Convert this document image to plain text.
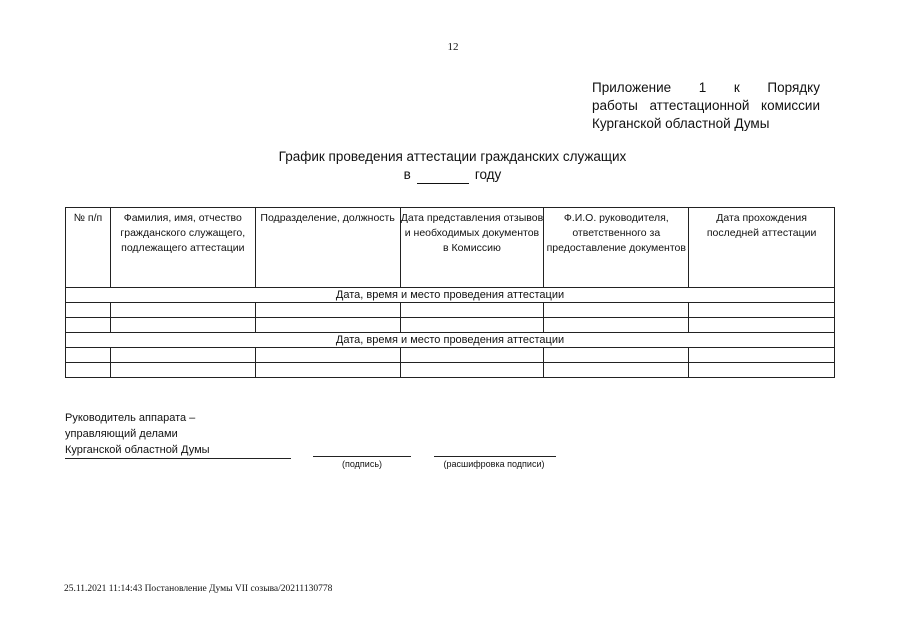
12
Приложение 1 к Порядку
работы аттестационной комиссии
Курганской областной Думы
График проведения аттестации гражданских служащих
в	году
№ п/п	Фамилия, имя, отчество гражданского служащего, подлежащего аттестации	Подразделение, должность	Дата представления отзывов и необходимых документов в Комиссию	Ф.И.О. руководителя, ответственного за предоставление документов	Дата прохождения последней аттестации
Дата, время и место проведения аттестации					

Дата, время и место проведения аттестации					

Руководитель аппарата –
управляющий делами
Курганской областной Думы
(подпись)	(расшифровка подписи)
25.11.2021 11:14:43 Постановление Думы VII созыва/20211130778
